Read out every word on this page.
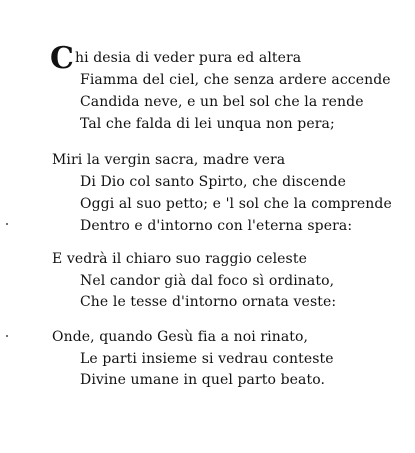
Chi desia di veder pura ed altera
Fiamma del ciel, che senza ardere accende
Candida neve, e un bel sol che la rende
Tal che falda di lei unqua non pera;
Miri la vergin sacra, madre vera
Di Dio col santo Spirto, che discende
Oggi al suo petto; e 'l sol che la comprende
Dentro e d'intorno con l'eterna spera:
E vedrà il chiaro suo raggio celeste
Nel candor già dal foco sì ordinato,
Che le tesse d'intorno ornata veste:
Onde, quando Gesù fia a noi rinato,
Le parti insieme si vedrau conteste
Divine umane in quel parto beato.
